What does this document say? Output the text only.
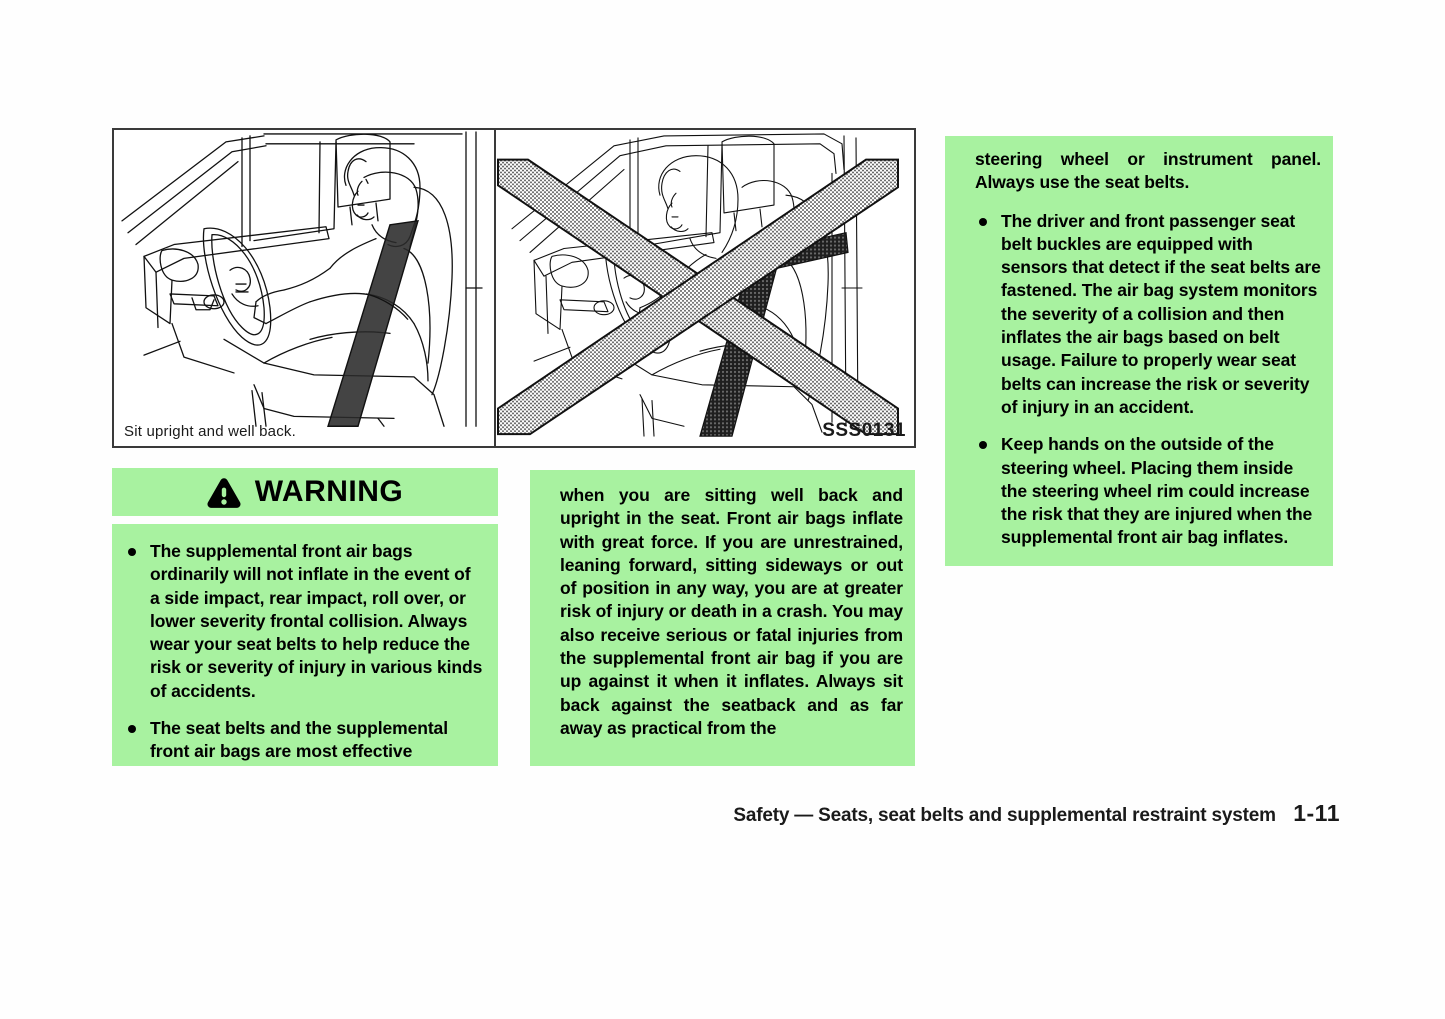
Sit upright and well back.	SSS0131
WARNING
The supplemental front air bags ordinarily will not inflate in the event of a side impact, rear impact, roll over, or lower severity frontal collision. Always wear your seat belts to help reduce the risk or severity of injury in various kinds of accidents.
The seat belts and the supplemental front air bags are most effective

when you are sitting well back and upright in the seat. Front air bags inflate with great force. If you are unrestrained, leaning forward, sitting sideways or out of position in any way, you are at greater risk of injury or death in a crash. You may also receive serious or fatal injuries from the supplemental front air bag if you are up against it when it inflates. Always sit back against the seatback and as far away as practical from the

steering wheel or instrument panel. Always use the seat belts.

The driver and front passenger seat belt buckles are equipped with sensors that detect if the seat belts are fastened. The air bag system monitors the severity of a collision and then inflates the air bags based on belt usage. Failure to properly wear seat belts can increase the risk or severity of injury in an accident.
Keep hands on the outside of the steering wheel. Placing them inside the steering wheel rim could increase the risk that they are injured when the supplemental front air bag inflates.
Safety — Seats, seat belts and supplemental restraint system 1-11
